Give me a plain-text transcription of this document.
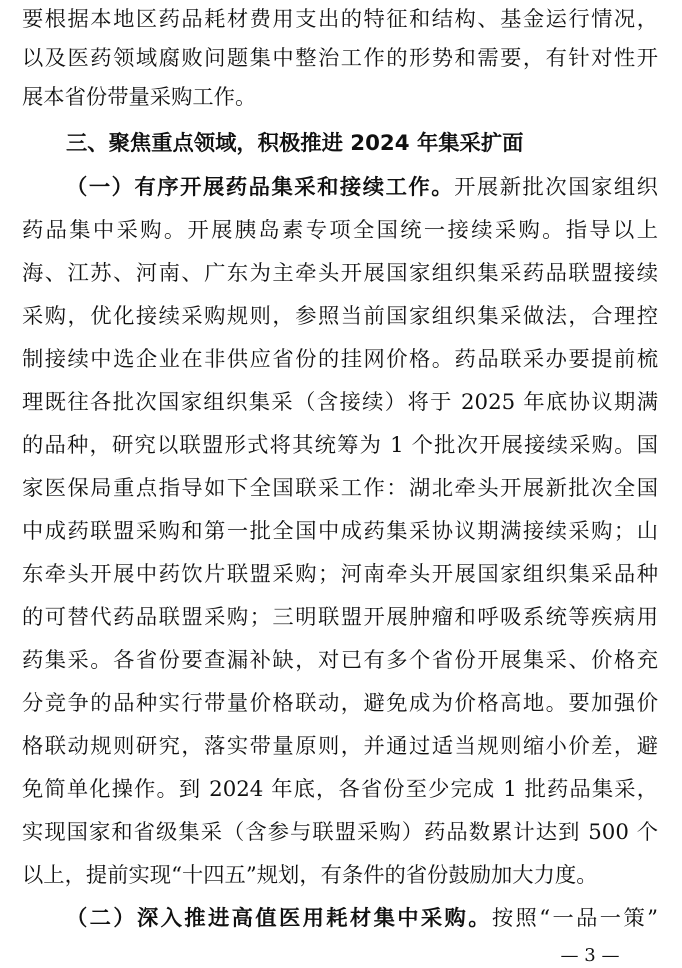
要根据本地区药品耗材费用支出的特征和结构、基金运行情况，
以及医药领域腐败问题集中整治工作的形势和需要，有针对性开
展本省份带量采购工作。
三、聚焦重点领域，积极推进 2024 年集采扩面
（一）有序开展药品集采和接续工作。开展新批次国家组织
药品集中采购。开展胰岛素专项全国统一接续采购。指导以上
海、江苏、河南、广东为主牵头开展国家组织集采药品联盟接续
采购，优化接续采购规则，参照当前国家组织集采做法，合理控
制接续中选企业在非供应省份的挂网价格。药品联采办要提前梳
理既往各批次国家组织集采（含接续）将于 2025 年底协议期满
的品种，研究以联盟形式将其统筹为 1 个批次开展接续采购。国
家医保局重点指导如下全国联采工作：湖北牵头开展新批次全国
中成药联盟采购和第一批全国中成药集采协议期满接续采购；山
东牵头开展中药饮片联盟采购；河南牵头开展国家组织集采品种
的可替代药品联盟采购；三明联盟开展肿瘤和呼吸系统等疾病用
药集采。各省份要查漏补缺，对已有多个省份开展集采、价格充
分竞争的品种实行带量价格联动，避免成为价格高地。要加强价
格联动规则研究，落实带量原则，并通过适当规则缩小价差，避
免简单化操作。到 2024 年底，各省份至少完成 1 批药品集采，
实现国家和省级集采（含参与联盟采购）药品数累计达到 500 个
以上，提前实现“十四五”规划，有条件的省份鼓励加大力度。
（二）深入推进高值医用耗材集中采购。按照“一品一策”
— 3 —
